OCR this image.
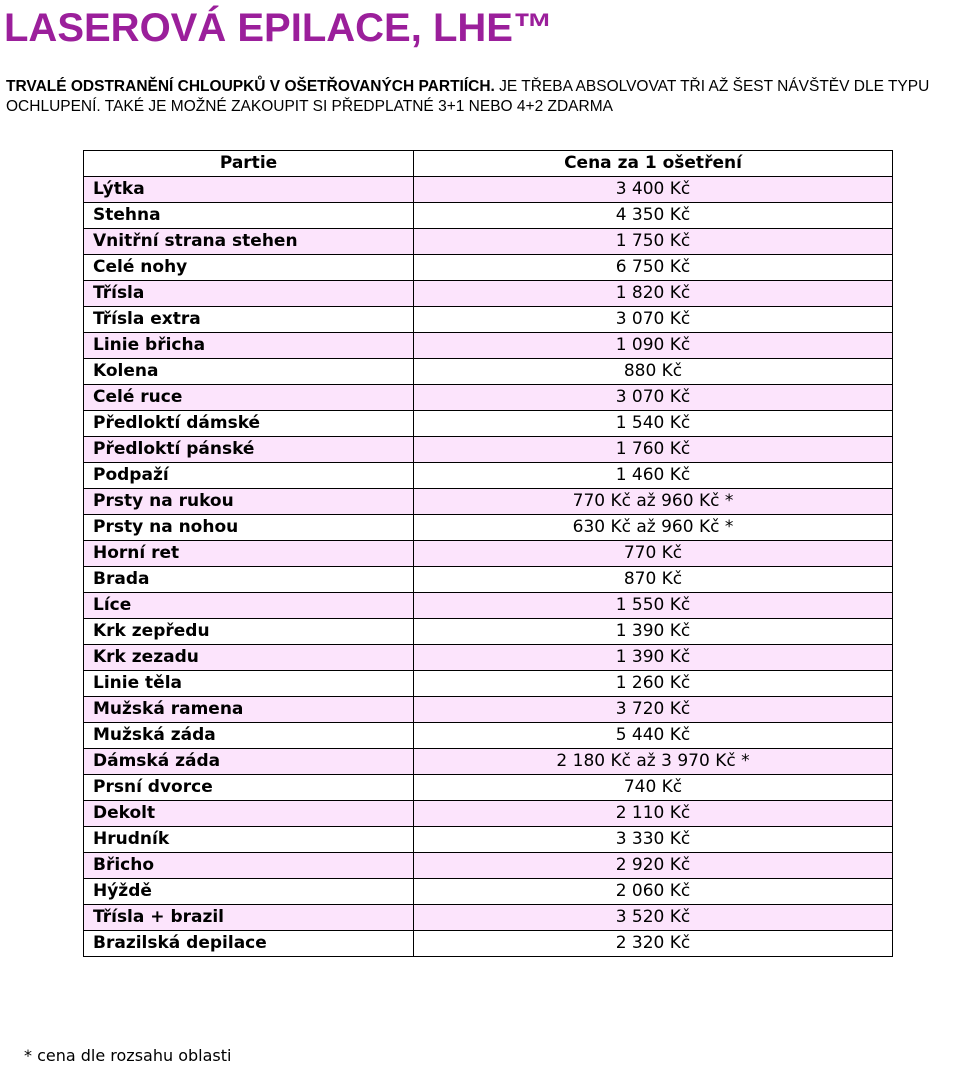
LASEROVÁ EPILACE, LHE™

TRVALÉ ODSTRANĚNÍ CHLOUPKŮ V OŠETŘOVANÝCH PARTIÍCH. JE TŘEBA ABSOLVOVAT TŘI AŽ ŠEST NÁVŠTĚV DLE TYPU OCHLUPENÍ. TAKÉ JE MOŽNÉ ZAKOUPIT SI PŘEDPLATNÉ 3+1 NEBO 4+2 ZDARMA

Partie	Cena za 1 ošetření
Lýtka	3 400 Kč
Stehna	4 350 Kč
Vnitřní strana stehen	1 750 Kč
Celé nohy	6 750 Kč
Třísla	1 820 Kč
Třísla extra	3 070 Kč
Linie břicha	1 090 Kč
Kolena	880 Kč
Celé ruce	3 070 Kč
Předloktí dámské	1 540 Kč
Předloktí pánské	1 760 Kč
Podpaží	1 460 Kč
Prsty na rukou	770 Kč až 960 Kč *
Prsty na nohou	630 Kč až 960 Kč *
Horní ret	770 Kč
Brada	870 Kč
Líce	1 550 Kč
Krk zepředu	1 390 Kč
Krk zezadu	1 390 Kč
Linie těla	1 260 Kč
Mužská ramena	3 720 Kč
Mužská záda	5 440 Kč
Dámská záda	2 180 Kč až 3 970 Kč *
Prsní dvorce	740 Kč
Dekolt	2 110 Kč
Hrudník	3 330 Kč
Břicho	2 920 Kč
Hýždě	2 060 Kč
Třísla + brazil	3 520 Kč
Brazilská depilace	2 320 Kč

* cena dle rozsahu oblasti
